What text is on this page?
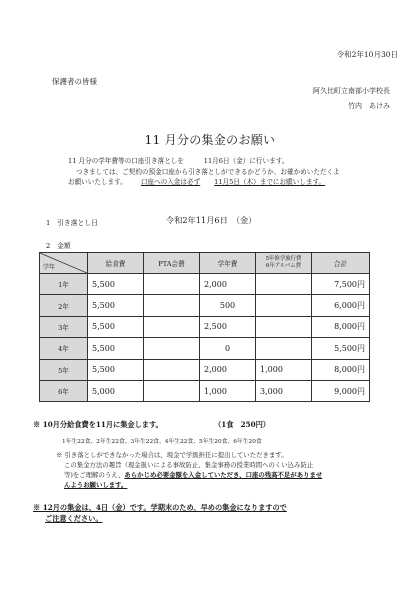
令和2年10月30日
保護者の皆様
阿久比町立南部小学校長
竹内　あけみ
11 月分の集金のお願い
11 月分の学年費等の口座引き落としを　　　11月6日（金）に行います。
つきましては、ご契約の預金口座から引き落としができるかどうか、お確かめいただくよ
お願いいたします。 口座への入金は必ず 11月5日（木）までにお願いします。
1　引き落とし日	令和2年11月6日　（金）
2　金額
学年	給食費	PTA会費	学年費	5年修学旅行費
6年アルバム費	合計
1年	5,500		2,000		7,500円
2年	5,500		500		6,000円
3年	5,500		2,500		8,000円
4年	5,500		0		5,500円
5年	5,500		2,000	1,000	8,000円
6年	5,000		1,000	3,000	9,000円
※ 10月分給食費を11月に集金します。	（1食　250円）
1年生22食、2年生22食、3年生22食、4年生22食、5年生20食、6年生20食
※ 引き落としができなかった場合は、現金で学級担任に提出していただきます。
この集金方法の趣旨（現金扱いによる事故防止、集金事務の授業時間へのくい込み防止
等)をご理解のうえ、あらかじめ必要金額を入金していただき、口座の残高不足がありませ
んようお願いします。
※ 12月の集金は、4日（金）です。学期末のため、早めの集金になりますので
ご注意ください。
